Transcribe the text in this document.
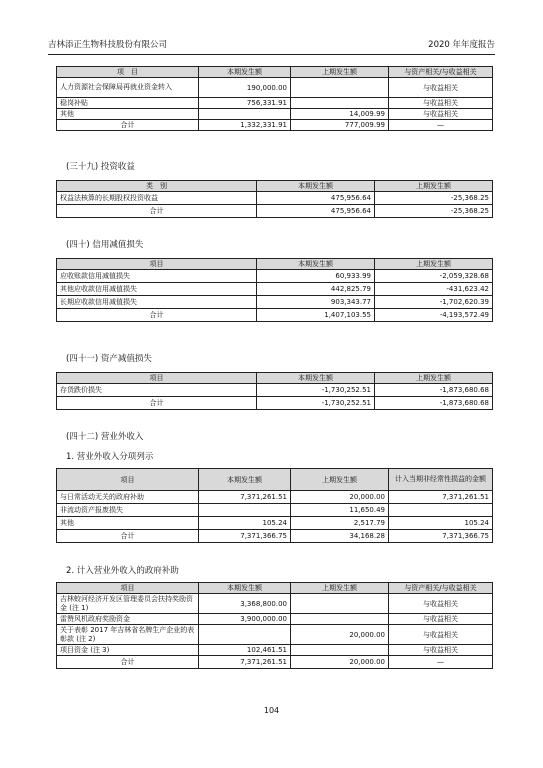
吉林添正生物科技股份有限公司	2020 年年度报告
项　目	本期发生额	上期发生额	与资产相关/与收益相关
人力资源社会保障局再就业资金转入	190,000.00		与收益相关
稳岗补贴	756,331.91		与收益相关
其他		14,009.99	与收益相关
合计	1,332,331.91	777,009.99	—
(三十九) 投资收益
类　别	本期发生额	上期发生额
权益法核算的长期股权投资收益	475,956.64	-25,368.25
合计	475,956.64	-25,368.25
(四十) 信用减值损失
项目	本期发生额	上期发生额
应收账款信用减值损失	60,933.99	-2,059,328.68
其他应收款信用减值损失	442,825.79	-431,623.42
长期应收款信用减值损失	903,343.77	-1,702,620.39
合计	1,407,103.55	-4,193,572.49
(四十一) 资产减值损失
项目	本期发生额	上期发生额
存货跌价损失	-1,730,252.51	-1,873,680.68
合计	-1,730,252.51	-1,873,680.68
(四十二) 营业外收入
1. 营业外收入分项列示
项目	本期发生额	上期发生额	计入当期非经常性损益的金额
与日常活动无关的政府补助	7,371,261.51	20,000.00	7,371,261.51
非流动资产报废损失		11,650.49	
其他	105.24	2,517.79	105.24
合计	7,371,366.75	34,168.28	7,371,366.75
2. 计入营业外收入的政府补助
项目	本期发生额	上期发生额	与资产相关/与收益相关
吉林蛟河经济开发区管理委员会扶持奖励资金 (注 1)	3,368,800.00		与收益相关
雷赞风机政府奖励资金	3,900,000.00		与收益相关
关于表彰 2017 年吉林省名牌生产企业的表彰款 (注 2)		20,000.00	与收益相关
项目资金 (注 3)	102,461.51		与收益相关
合计	7,371,261.51	20,000.00	—
104
